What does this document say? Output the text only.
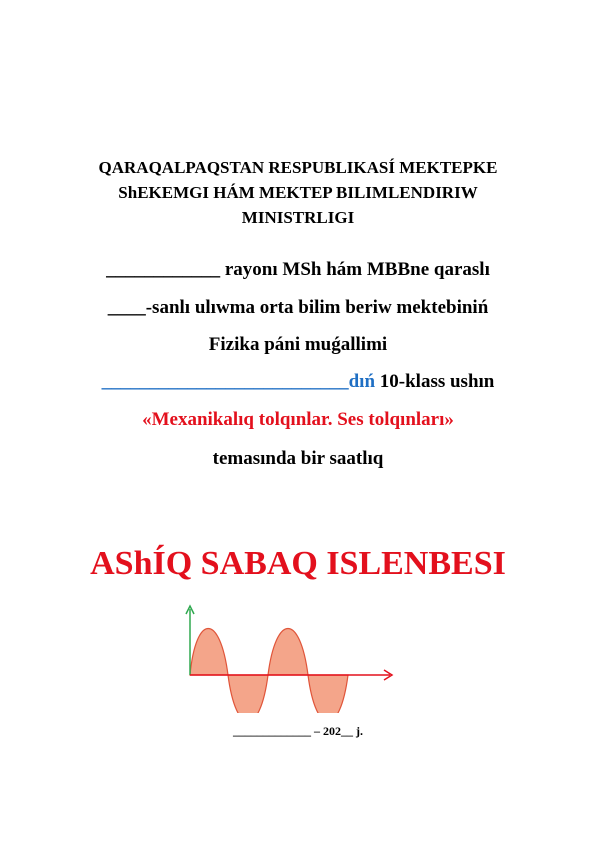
QARAQALPAQSTAN RESPUBLIKASÍ MEKTEPKE
ShEKEMGI HÁM MEKTEP BILIMLENDIRIW
MINISTRLIGI
____________ rayonı MSh hám MBBne qaraslı
____-sanlı ulıwma orta bilim beriw mektebiniń
Fizika páni muǵallimi
__________________________dıń 10-klass ushın
«Mexanikalıq tolqınlar. Ses tolqınları»
temasında bir saatlıq
AShÍQ SABAQ ISLENBESI
_____________ – 202__ j.
